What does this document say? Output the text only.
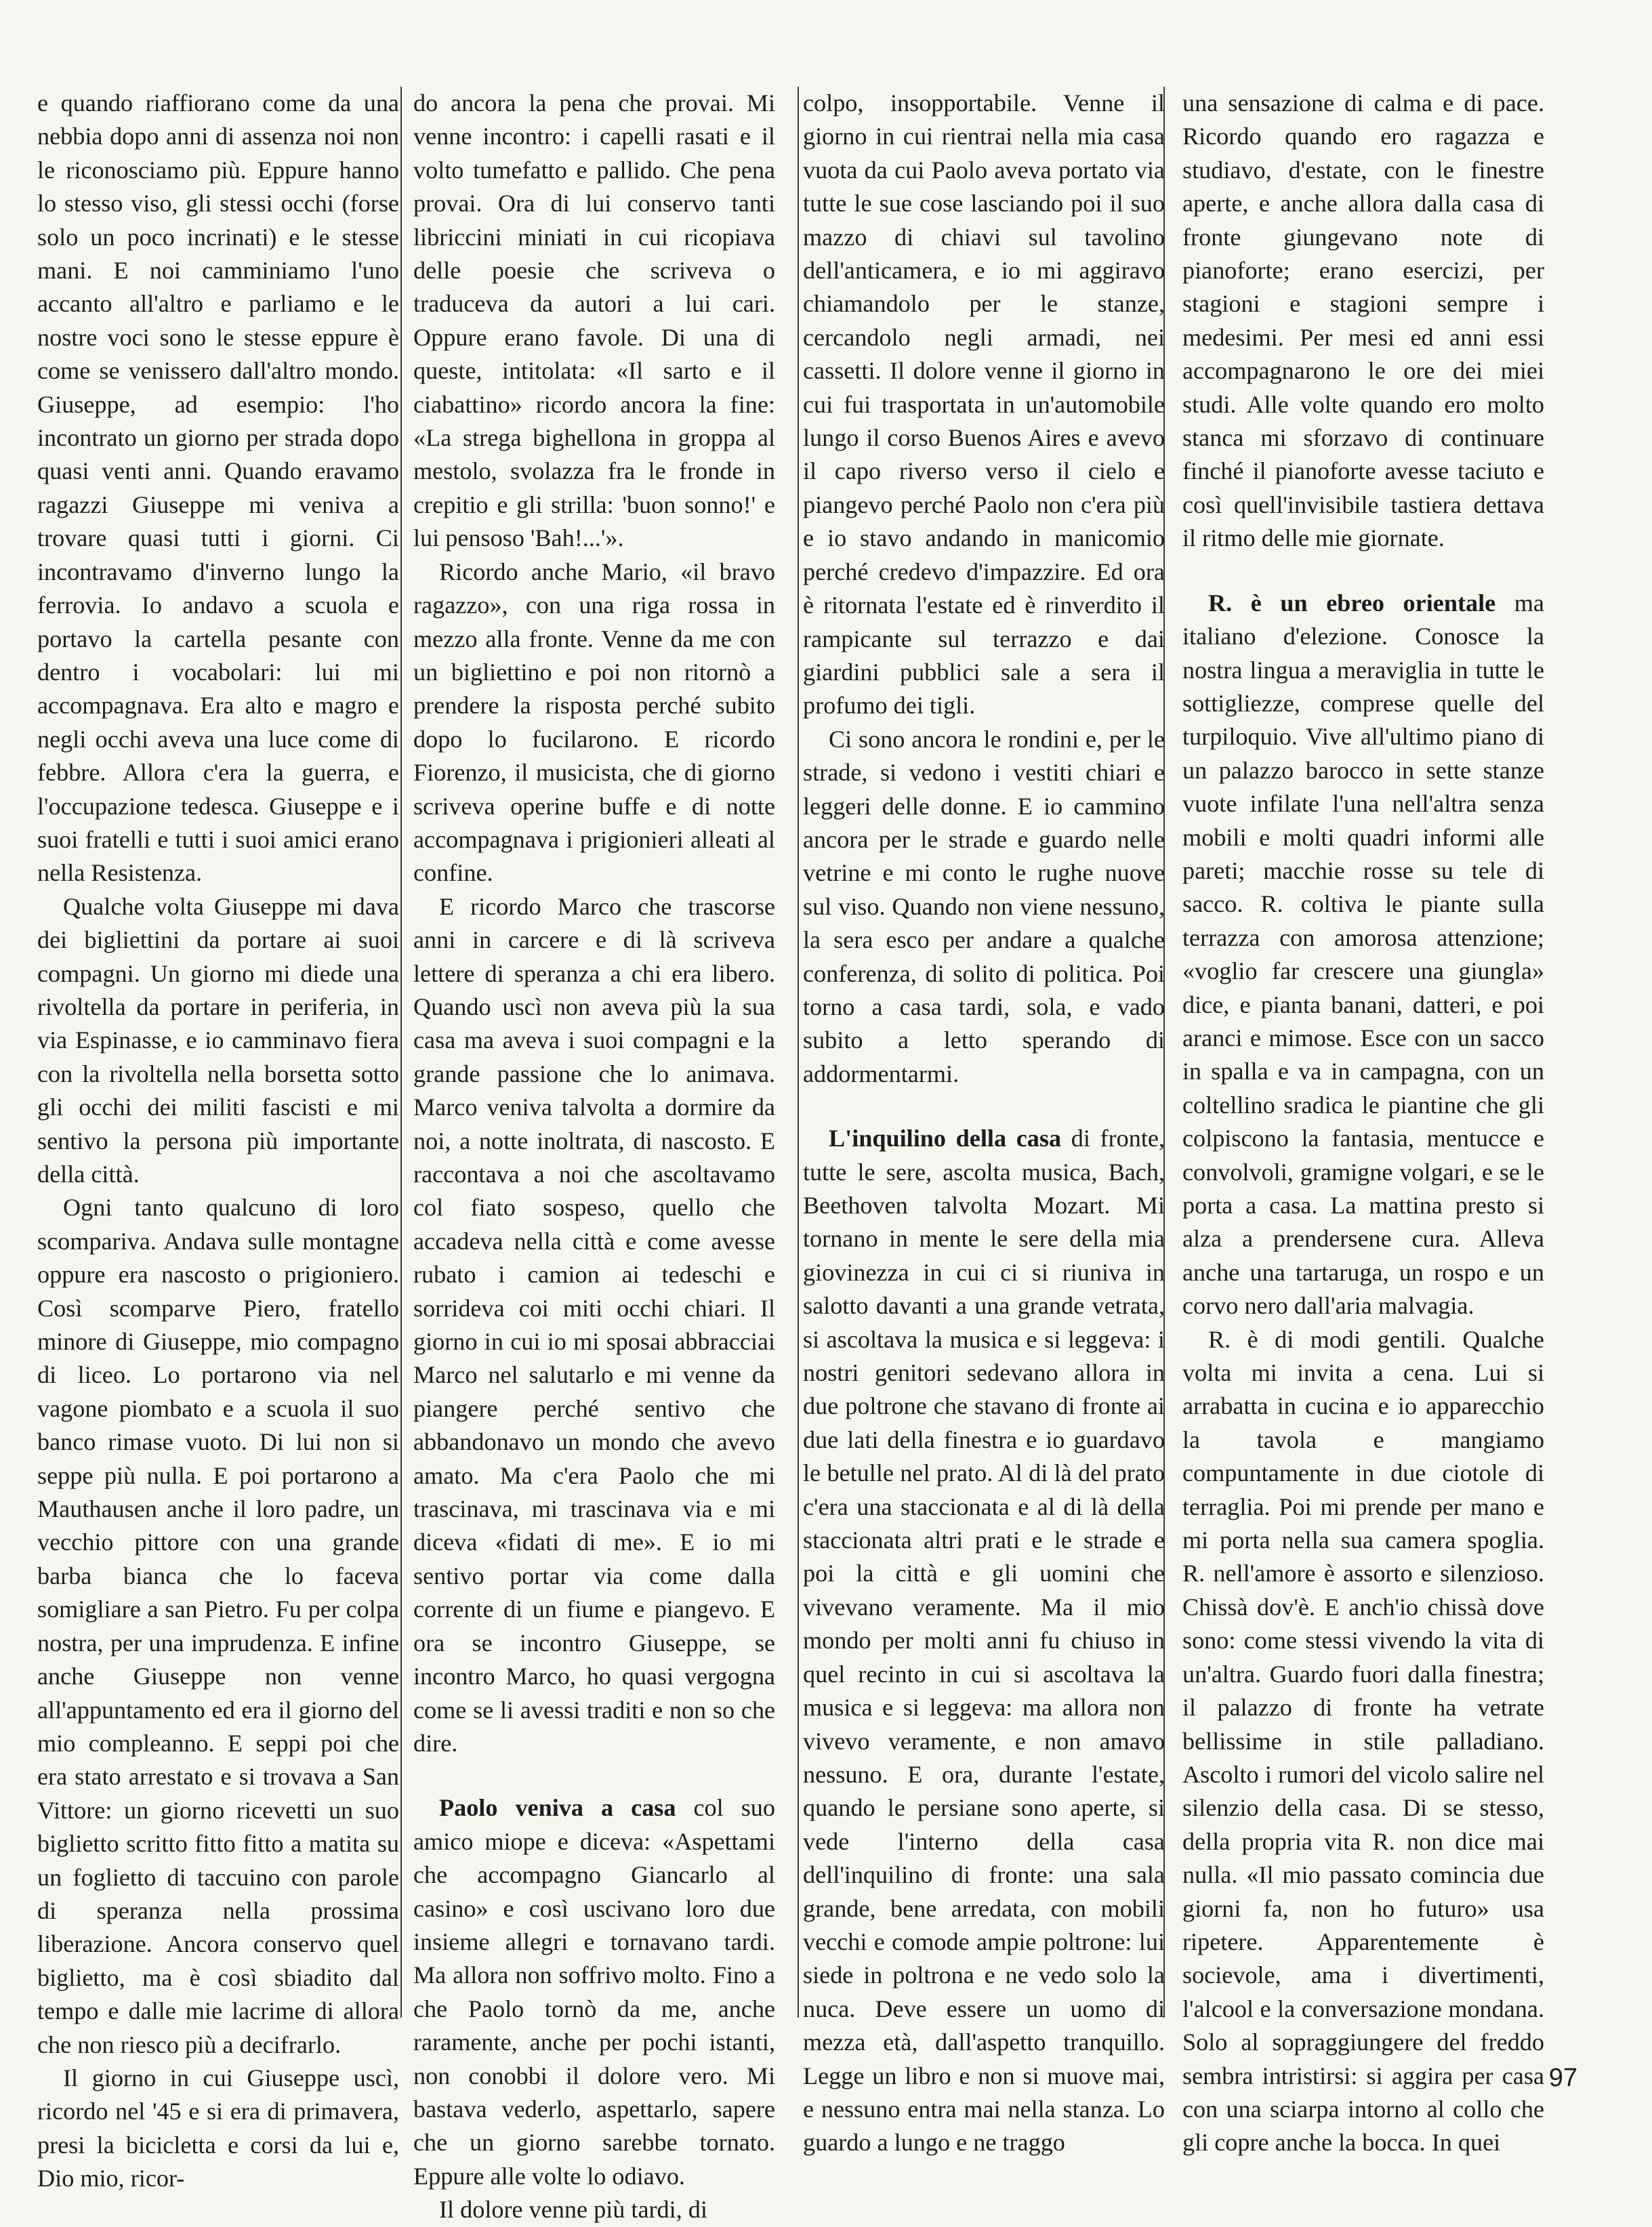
e quando riaffiorano come da una nebbia dopo anni di assenza noi non le riconosciamo più. Eppure hanno lo stesso viso, gli stessi occhi (forse solo un poco incrinati) e le stesse mani. E noi camminiamo l'uno accanto all'altro e parliamo e le nostre voci sono le stesse eppure è come se venissero dall'altro mondo. Giuseppe, ad esempio: l'ho incontrato un giorno per strada dopo quasi venti anni. Quando eravamo ragazzi Giuseppe mi veniva a trovare quasi tutti i giorni. Ci incontravamo d'inverno lungo la ferrovia. Io andavo a scuola e portavo la cartella pesante con dentro i vocabolari: lui mi accompagnava. Era alto e magro e negli occhi aveva una luce come di febbre. Allora c'era la guerra, e l'occupazione tedesca. Giuseppe e i suoi fratelli e tutti i suoi amici erano nella Resistenza.

Qualche volta Giuseppe mi dava dei bigliettini da portare ai suoi compagni. Un giorno mi diede una rivoltella da portare in periferia, in via Espinasse, e io camminavo fiera con la rivoltella nella borsetta sotto gli occhi dei militi fascisti e mi sentivo la persona più importante della città.

Ogni tanto qualcuno di loro scompariva. Andava sulle montagne oppure era nascosto o prigioniero. Così scomparve Piero, fratello minore di Giuseppe, mio compagno di liceo. Lo portarono via nel vagone piombato e a scuola il suo banco rimase vuoto. Di lui non si seppe più nulla. E poi portarono a Mauthausen anche il loro padre, un vecchio pittore con una grande barba bianca che lo faceva somigliare a san Pietro. Fu per colpa nostra, per una imprudenza. E infine anche Giuseppe non venne all'appuntamento ed era il giorno del mio compleanno. E seppi poi che era stato arrestato e si trovava a San Vittore: un giorno ricevetti un suo biglietto scritto fitto fitto a matita su un foglietto di taccuino con parole di speranza nella prossima liberazione. Ancora conservo quel biglietto, ma è così sbiadito dal tempo e dalle mie lacrime di allora che non riesco più a decifrarlo.

Il giorno in cui Giuseppe uscì, ricordo nel '45 e si era di primavera, presi la bicicletta e corsi da lui e, Dio mio, ricor-

do ancora la pena che provai. Mi venne incontro: i capelli rasati e il volto tumefatto e pallido. Che pena provai. Ora di lui conservo tanti libriccini miniati in cui ricopiava delle poesie che scriveva o traduceva da autori a lui cari. Oppure erano favole. Di una di queste, intitolata: «Il sarto e il ciabattino» ricordo ancora la fine: «La strega bighellona in groppa al mestolo, svolazza fra le fronde in crepitio e gli strilla: 'buon sonno!' e lui pensoso 'Bah!...'».

Ricordo anche Mario, «il bravo ragazzo», con una riga rossa in mezzo alla fronte. Venne da me con un bigliettino e poi non ritornò a prendere la risposta perché subito dopo lo fucilarono. E ricordo Fiorenzo, il musicista, che di giorno scriveva operine buffe e di notte accompagnava i prigionieri alleati al confine.

E ricordo Marco che trascorse anni in carcere e di là scriveva lettere di speranza a chi era libero. Quando uscì non aveva più la sua casa ma aveva i suoi compagni e la grande passione che lo animava. Marco veniva talvolta a dormire da noi, a notte inoltrata, di nascosto. E raccontava a noi che ascoltavamo col fiato sospeso, quello che accadeva nella città e come avesse rubato i camion ai tedeschi e sorrideva coi miti occhi chiari. Il giorno in cui io mi sposai abbracciai Marco nel salutarlo e mi venne da piangere perché sentivo che abbandonavo un mondo che avevo amato. Ma c'era Paolo che mi trascinava, mi trascinava via e mi diceva «fidati di me». E io mi sentivo portar via come dalla corrente di un fiume e piangevo. E ora se incontro Giuseppe, se incontro Marco, ho quasi vergogna come se li avessi traditi e non so che dire.

Paolo veniva a casa col suo amico miope e diceva: «Aspettami che accompagno Giancarlo al casino» e così uscivano loro due insieme allegri e tornavano tardi. Ma allora non soffrivo molto. Fino a che Paolo tornò da me, anche raramente, anche per pochi istanti, non conobbi il dolore vero. Mi bastava vederlo, aspettarlo, sapere che un giorno sarebbe tornato. Eppure alle volte lo odiavo.

Il dolore venne più tardi, di

colpo, insopportabile. Venne il giorno in cui rientrai nella mia casa vuota da cui Paolo aveva portato via tutte le sue cose lasciando poi il suo mazzo di chiavi sul tavolino dell'anticamera, e io mi aggiravo chiamandolo per le stanze, cercandolo negli armadi, nei cassetti. Il dolore venne il giorno in cui fui trasportata in un'automobile lungo il corso Buenos Aires e avevo il capo riverso verso il cielo e piangevo perché Paolo non c'era più e io stavo andando in manicomio perché credevo d'impazzire. Ed ora è ritornata l'estate ed è rinverdito il rampicante sul terrazzo e dai giardini pubblici sale a sera il profumo dei tigli.

Ci sono ancora le rondini e, per le strade, si vedono i vestiti chiari e leggeri delle donne. E io cammino ancora per le strade e guardo nelle vetrine e mi conto le rughe nuove sul viso. Quando non viene nessuno, la sera esco per andare a qualche conferenza, di solito di politica. Poi torno a casa tardi, sola, e vado subito a letto sperando di addormentarmi.

L'inquilino della casa di fronte, tutte le sere, ascolta musica, Bach, Beethoven talvolta Mozart. Mi tornano in mente le sere della mia giovinezza in cui ci si riuniva in salotto davanti a una grande vetrata, si ascoltava la musica e si leggeva: i nostri genitori sedevano allora in due poltrone che stavano di fronte ai due lati della finestra e io guardavo le betulle nel prato. Al di là del prato c'era una staccionata e al di là della staccionata altri prati e le strade e poi la città e gli uomini che vivevano veramente. Ma il mio mondo per molti anni fu chiuso in quel recinto in cui si ascoltava la musica e si leggeva: ma allora non vivevo veramente, e non amavo nessuno. E ora, durante l'estate, quando le persiane sono aperte, si vede l'interno della casa dell'inquilino di fronte: una sala grande, bene arredata, con mobili vecchi e comode ampie poltrone: lui siede in poltrona e ne vedo solo la nuca. Deve essere un uomo di mezza età, dall'aspetto tranquillo. Legge un libro e non si muove mai, e nessuno entra mai nella stanza. Lo guardo a lungo e ne traggo

una sensazione di calma e di pace. Ricordo quando ero ragazza e studiavo, d'estate, con le finestre aperte, e anche allora dalla casa di fronte giungevano note di pianoforte; erano esercizi, per stagioni e stagioni sempre i medesimi. Per mesi ed anni essi accompagnarono le ore dei miei studi. Alle volte quando ero molto stanca mi sforzavo di continuare finché il pianoforte avesse taciuto e così quell'invisibile tastiera dettava il ritmo delle mie giornate.

R. è un ebreo orientale ma italiano d'elezione. Conosce la nostra lingua a meraviglia in tutte le sottigliezze, comprese quelle del turpiloquio. Vive all'ultimo piano di un palazzo barocco in sette stanze vuote infilate l'una nell'altra senza mobili e molti quadri informi alle pareti; macchie rosse su tele di sacco. R. coltiva le piante sulla terrazza con amorosa attenzione; «voglio far crescere una giungla» dice, e pianta banani, datteri, e poi aranci e mimose. Esce con un sacco in spalla e va in campagna, con un coltellino sradica le piantine che gli colpiscono la fantasia, mentucce e convolvoli, gramigne volgari, e se le porta a casa. La mattina presto si alza a prendersene cura. Alleva anche una tartaruga, un rospo e un corvo nero dall'aria malvagia.

R. è di modi gentili. Qualche volta mi invita a cena. Lui si arrabatta in cucina e io apparecchio la tavola e mangiamo compuntamente in due ciotole di terraglia. Poi mi prende per mano e mi porta nella sua camera spoglia. R. nell'amore è assorto e silenzioso. Chissà dov'è. E anch'io chissà dove sono: come stessi vivendo la vita di un'altra. Guardo fuori dalla finestra; il palazzo di fronte ha vetrate bellissime in stile palladiano. Ascolto i rumori del vicolo salire nel silenzio della casa. Di se stesso, della propria vita R. non dice mai nulla. «Il mio passato comincia due giorni fa, non ho futuro» usa ripetere. Apparentemente è socievole, ama i divertimenti, l'alcool e la conversazione mondana. Solo al sopraggiungere del freddo sembra intristirsi: si aggira per casa con una sciarpa intorno al collo che gli copre anche la bocca. In quei

97
